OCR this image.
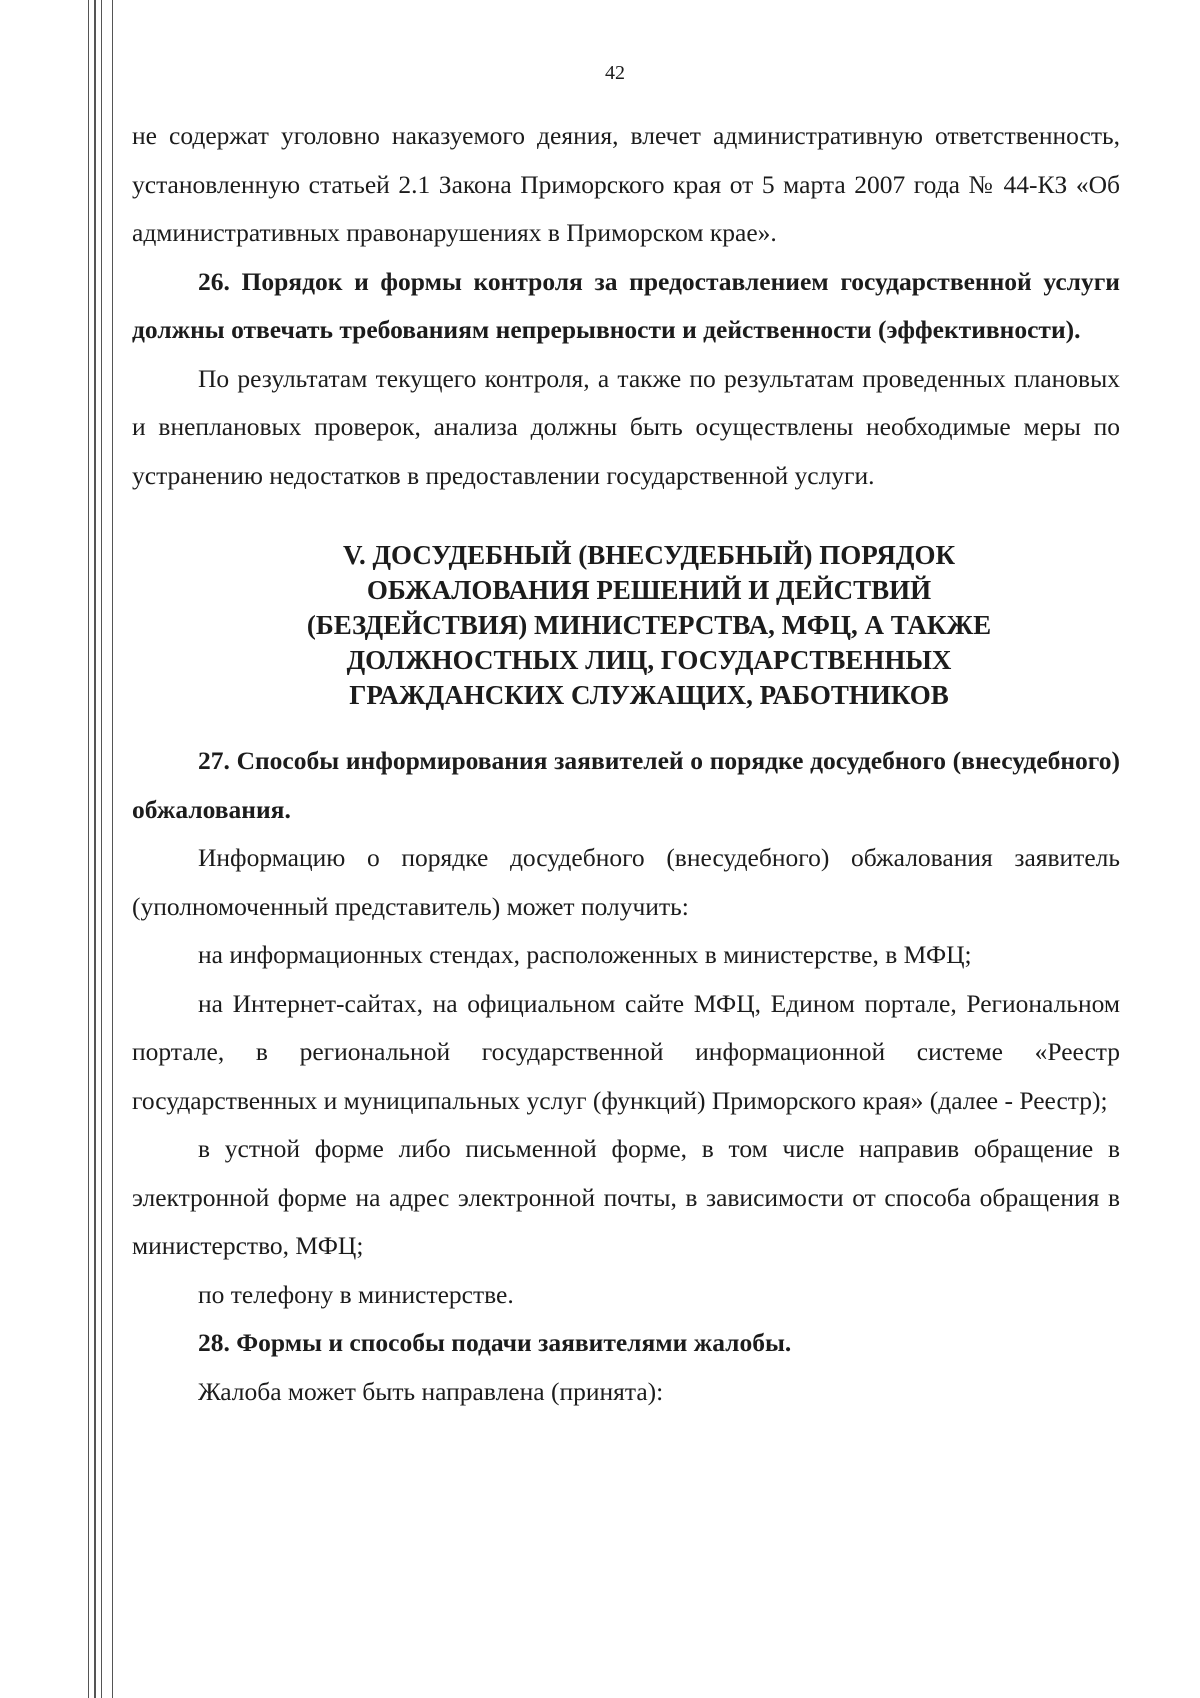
42

не содержат уголовно наказуемого деяния, влечет административную ответственность, установленную статьей 2.1 Закона Приморского края от 5 марта 2007 года № 44-КЗ «Об административных правонарушениях в Приморском крае».

26. Порядок и формы контроля за предоставлением государственной услуги должны отвечать требованиям непрерывности и действенности (эффективности).

По результатам текущего контроля, а также по результатам проведенных плановых и внеплановых проверок, анализа должны быть осуществлены необходимые меры по устранению недостатков в предоставлении государственной услуги.

V. ДОСУДЕБНЫЙ (ВНЕСУДЕБНЫЙ) ПОРЯДОК
ОБЖАЛОВАНИЯ РЕШЕНИЙ И ДЕЙСТВИЙ
(БЕЗДЕЙСТВИЯ) МИНИСТЕРСТВА, МФЦ, А ТАКЖЕ
ДОЛЖНОСТНЫХ ЛИЦ, ГОСУДАРСТВЕННЫХ
ГРАЖДАНСКИХ СЛУЖАЩИХ, РАБОТНИКОВ

27. Способы информирования заявителей о порядке досудебного (внесудебного) обжалования.

Информацию о порядке досудебного (внесудебного) обжалования заявитель (уполномоченный представитель) может получить:

на информационных стендах, расположенных в министерстве, в МФЦ;

на Интернет-сайтах, на официальном сайте МФЦ, Едином портале, Региональном портале, в региональной государственной информационной системе «Реестр государственных и муниципальных услуг (функций) Приморского края» (далее - Реестр);

в устной форме либо письменной форме, в том числе направив обращение в электронной форме на адрес электронной почты, в зависимости от способа обращения в министерство, МФЦ;

по телефону в министерстве.

28. Формы и способы подачи заявителями жалобы.

Жалоба может быть направлена (принята):
